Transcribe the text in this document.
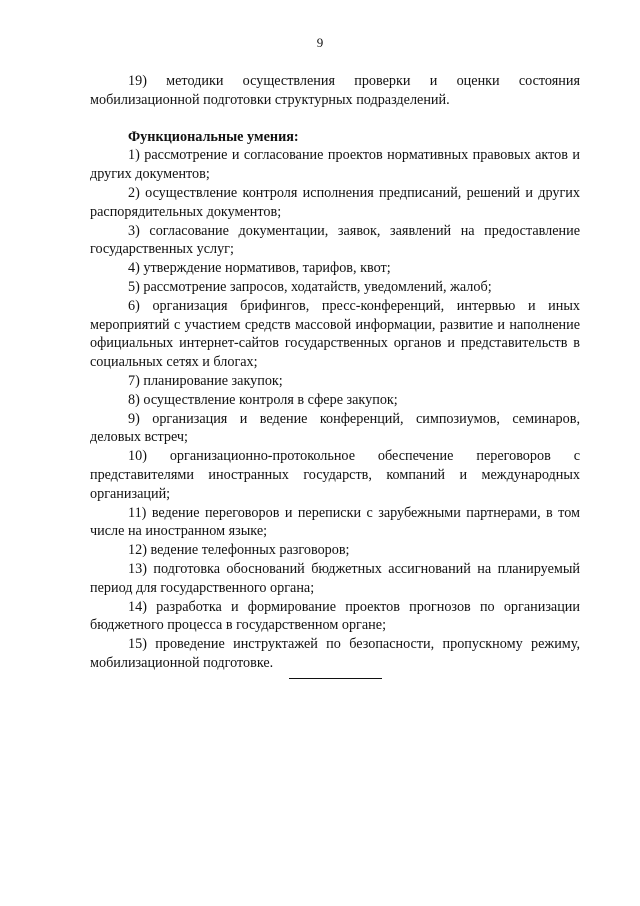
9

19) методики осуществления проверки и оценки состояния мобилизационной подготовки структурных подразделений.

Функциональные умения:

1) рассмотрение и согласование проектов нормативных правовых актов и других документов;

2) осуществление контроля исполнения предписаний, решений и других распорядительных документов;

3) согласование документации, заявок, заявлений на предоставление государственных услуг;

4) утверждение нормативов, тарифов, квот;

5) рассмотрение запросов, ходатайств, уведомлений, жалоб;

6) организация брифингов, пресс-конференций, интервью и иных мероприятий с участием средств массовой информации, развитие и наполнение официальных интернет-сайтов государственных органов и представительств в социальных сетях и блогах;

7) планирование закупок;

8) осуществление контроля в сфере закупок;

9) организация и ведение конференций, симпозиумов, семинаров, деловых встреч;

10) организационно-протокольное обеспечение переговоров с представителями иностранных государств, компаний и международных организаций;

11) ведение переговоров и переписки с зарубежными партнерами, в том числе на иностранном языке;

12) ведение телефонных разговоров;

13) подготовка обоснований бюджетных ассигнований на планируемый период для государственного органа;

14) разработка и формирование проектов прогнозов по организации бюджетного процесса в государственном органе;

15) проведение инструктажей по безопасности, пропускному режиму, мобилизационной подготовке.
